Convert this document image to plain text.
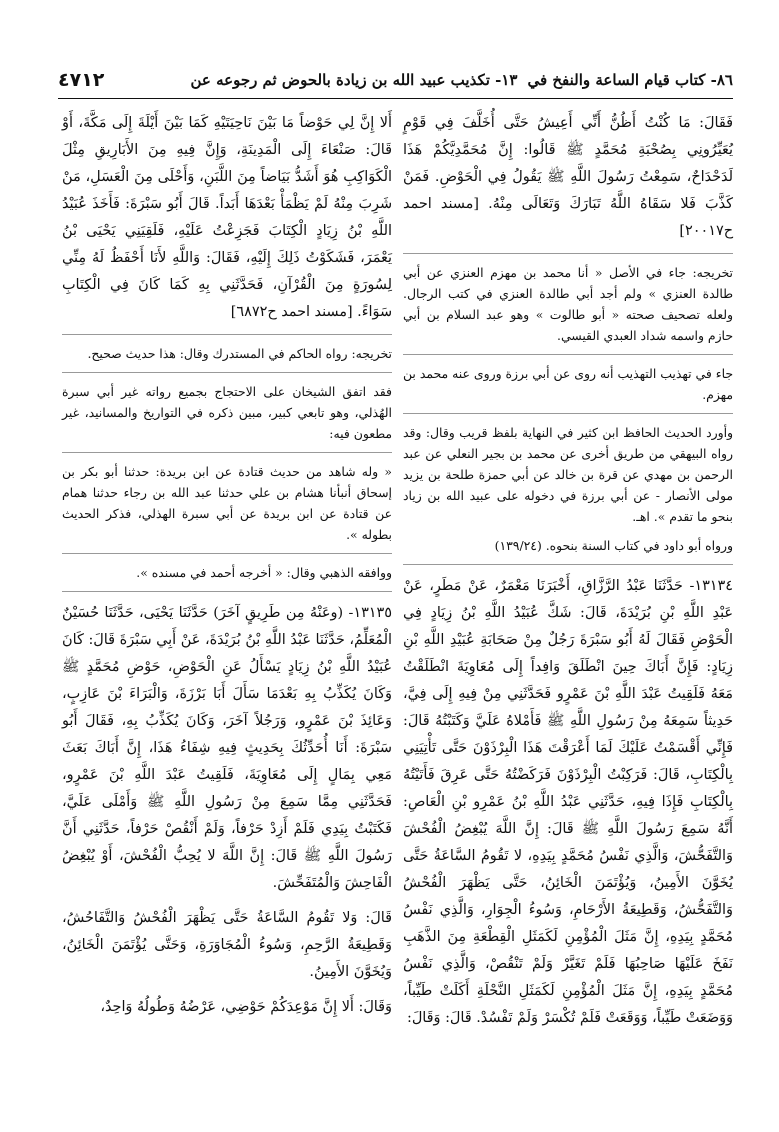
٤٧١٢	٨٦- كتاب قيام الساعة والنفخ في
١٣- تكذيب عبيد الله بن زيادة بالحوض ثم رجوعه عن

فَقَالَ: مَا كُنْتُ أَظُنُّ أَنِّي أَعِيشُ حَتَّى أُخَلَّفَ فِي قَوْمٍ يُعَيِّرُونِي بِصُحْبَةِ مُحَمَّدٍ ﷺ قَالُوا: إِنَّ مُحَمَّدِيَّكُمْ هَذَا لَدَحْدَاحٌ، سَمِعْتُ رَسُولَ اللَّهِ ﷺ يَقُولُ فِي الْحَوْضِ. فَمَنْ كَذَّبَ فَلا سَقَاهُ اللَّهُ تَبَارَكَ وَتَعَالَى مِنْهُ. [مسند احمد ح٢٠٠١٧]

تخريجه: جاء في الأصل « أنا محمد بن مهزم العنزي عن أبي طالدة العنزي » ولم أجد أبي طالدة العنزي في كتب الرجال. ولعله تصحيف صحته « أبو طالوت » وهو عبد السلام بن أبي حازم واسمه شداد العبدي القيسي.

جاء في تهذيب التهذيب أنه روى عن أبي برزة وروى عنه محمد بن مهزم.

وأورد الحديث الحافظ ابن كثير في النهاية بلفظ قريب وقال: وقد رواه البيهقي من طريق أخرى عن محمد بن بجير النعلي عن عبد الرحمن بن مهدي عن قرة بن خالد عن أبي حمزة طلحة بن يزيد مولى الأنصار - عن أبي برزة في دخوله على عبيد الله بن زياد بنحو ما تقدم ». اهـ.

ورواه أبو داود في كتاب السنة بنحوه. (١٣٩/٢٤)

١٣١٣٤- حَدَّثَنَا عَبْدُ الرَّزَّاقِ، أَخْبَرَنَا مَعْمَرٌ، عَنْ مَطَرٍ، عَنْ عَبْدِ اللَّهِ بْنِ بُرَيْدَةَ، قَالَ: شَكَّ عُبَيْدُ اللَّهِ بْنُ زِيَادٍ فِي الْحَوْضِ فَقَالَ لَهُ أَبُو سَبْرَةَ رَجُلٌ مِنْ صَحَابَةِ عُبَيْدِ اللَّهِ بْنِ زِيَادٍ: فَإِنَّ أَبَاكَ حِينَ انْطَلَقَ وَافِداً إِلَى مُعَاوِيَةَ انْطَلَقْتُ مَعَهُ فَلَقِيتُ عَبْدَ اللَّهِ بْنَ عَمْرٍو فَحَدَّثَنِي مِنْ فِيهِ إِلَى فِيَّ، حَدِيثاً سَمِعَهُ مِنْ رَسُولِ اللَّهِ ﷺ فَأَمْلاهُ عَلَيَّ وَكَتَبْتُهُ قَالَ: فَإِنِّي أَقْسَمْتُ عَلَيْكَ لَمَا أَعْرَقْتَ هَذَا الْبِرْذَوْنَ حَتَّى تَأْتِيَنِي بِالْكِتَابِ، قَالَ: فَرَكِبْتُ الْبِرْذَوْنَ فَرَكَضْتُهُ حَتَّى عَرِقَ فَأَتَيْتُهُ بِالْكِتَابِ فَإِذَا فِيهِ، حَدَّثَنِي عَبْدُ اللَّهِ بْنُ عَمْرِو بْنِ الْعَاصِ: أَنَّهُ سَمِعَ رَسُولَ اللَّهِ ﷺ قَالَ: إِنَّ اللَّهَ يُبْغِضُ الْفُحْشَ وَالتَّفَحُّشَ، وَالَّذِي نَفْسُ مُحَمَّدٍ بِيَدِهِ، لا تَقُومُ السَّاعَةُ حَتَّى يُخَوَّنَ الأَمِينُ، وَيُؤْتَمَنَ الْخَائِنُ، حَتَّى يَظْهَرَ الْفُحْشُ وَالتَّفَحُّشُ، وَقَطِيعَةُ الأَرْحَامِ، وَسُوءُ الْجِوَارِ، وَالَّذِي نَفْسُ مُحَمَّدٍ بِيَدِهِ، إِنَّ مَثَلَ الْمُؤْمِنِ لَكَمَثَلِ الْقِطْعَةِ مِنَ الذَّهَبِ نَفَخَ عَلَيْهَا صَاحِبُهَا فَلَمْ تَغَيَّرْ وَلَمْ تَنْقُصْ، وَالَّذِي نَفْسُ مُحَمَّدٍ بِيَدِهِ، إِنَّ مَثَلَ الْمُؤْمِنِ لَكَمَثَلِ النَّحْلَةِ أَكَلَتْ طَيِّباً، وَوَضَعَتْ طَيِّباً، وَوَقَعَتْ فَلَمْ تُكْسَرْ وَلَمْ تَفْسُدْ. قَالَ: وَقَالَ:

أَلا إِنَّ لِي حَوْضاً مَا بَيْنَ نَاحِيَتَيْهِ كَمَا بَيْنَ أَيْلَةَ إِلَى مَكَّةَ، أَوْ قَالَ: صَنْعَاءَ إِلَى الْمَدِينَةِ، وَإِنَّ فِيهِ مِنَ الأَبَارِيقِ مِثْلَ الْكَوَاكِبِ هُوَ أَشَدُّ بَيَاضاً مِنَ اللَّبَنِ، وَأَحْلَى مِنَ الْعَسَلِ، مَنْ شَرِبَ مِنْهُ لَمْ يَظْمَأْ بَعْدَهَا أَبَداً. قَالَ أَبُو سَبْرَةَ: فَأَخَذَ عُبَيْدُ اللَّهِ بْنُ زِيَادٍ الْكِتَابَ فَجَزِعْتُ عَلَيْهِ، فَلَقِيَنِي يَحْيَى بْنُ يَعْمَرَ، فَشَكَوْتُ ذَلِكَ إِلَيْهِ، فَقَالَ: وَاللَّهِ لأَنَا أَحْفَظُ لَهُ مِنِّي لِسُورَةٍ مِنَ الْقُرْآنِ، فَحَدَّثَنِي بِهِ كَمَا كَانَ فِي الْكِتَابِ سَوَاءً. [مسند احمد ح٦٨٧٢]

تخريجه: رواه الحاكم في المستدرك وقال: هذا حديث صحيح.

فقد اتفق الشيخان على الاحتجاج بجميع رواته غير أبي سبرة الهُذلي، وهو تابعي كبير، مبين ذكره في التواريخ والمسانيد، غير مطعون فيه:

« وله شاهد من حديث قتادة عن ابن بريدة: حدثنا أبو بكر بن إسحاق أنبأنا هشام بن علي حدثنا عبد الله بن رجاء حدثنا همام عن قتادة عن ابن بريدة عن أبي سبرة الهذلي، فذكر الحديث بطوله ».

ووافقه الذهبي وقال: « أخرجه أحمد في مسنده ».

١٣١٣٥- (وعَنْهُ مِن طَرِيقٍ آخَرَ) حَدَّثَنَا يَحْيَى، حَدَّثَنَا حُسَيْنٌ الْمُعَلِّمُ، حَدَّثَنَا عَبْدُ اللَّهِ بْنُ بُرَيْدَةَ، عَنْ أَبِي سَبْرَةَ قَالَ: كَانَ عُبَيْدُ اللَّهِ بْنُ زِيَادٍ يَسْأَلُ عَنِ الْحَوْضِ، حَوْضِ مُحَمَّدٍ ﷺ وَكَانَ يُكَذِّبُ بِهِ بَعْدَمَا سَأَلَ أَبَا بَرْزَةَ، وَالْبَرَاءَ بْنَ عَازِبٍ، وَعَائِذَ بْنَ عَمْرٍو، وَرَجُلاً آخَرَ، وَكَانَ يُكَذِّبُ بِهِ، فَقَالَ أَبُو سَبْرَةَ: أَنَا أُحَدِّثُكَ بِحَدِيثٍ فِيهِ شِفَاءُ هَذَا، إِنَّ أَبَاكَ بَعَثَ مَعِي بِمَالٍ إِلَى مُعَاوِيَةَ، فَلَقِيتُ عَبْدَ اللَّهِ بْنَ عَمْرٍو، فَحَدَّثَنِي مِمَّا سَمِعَ مِنْ رَسُولِ اللَّهِ ﷺ وَأَمْلَى عَلَيَّ، فَكَتَبْتُ بِيَدِي فَلَمْ أَزِدْ حَرْفاً، وَلَمْ أَنْقُصْ حَرْفاً، حَدَّثَنِي أَنَّ رَسُولَ اللَّهِ ﷺ قَالَ: إِنَّ اللَّهَ لا يُحِبُّ الْفُحْشَ، أَوْ يُبْغِضُ الْفَاحِشَ وَالْمُتَفَحِّشَ.

قَالَ: وَلا تَقُومُ السَّاعَةُ حَتَّى يَظْهَرَ الْفُحْشُ وَالتَّفَاحُشُ، وَقَطِيعَةُ الرَّحِمِ، وَسُوءُ الْمُجَاوَرَةِ، وَحَتَّى يُؤْتَمَنَ الْخَائِنُ، وَيُخَوَّنَ الأَمِينُ.

وَقَالَ: أَلا إِنَّ مَوْعِدَكُمْ حَوْضِي، عَرْضُهُ وَطُولُهُ وَاحِدٌ،
